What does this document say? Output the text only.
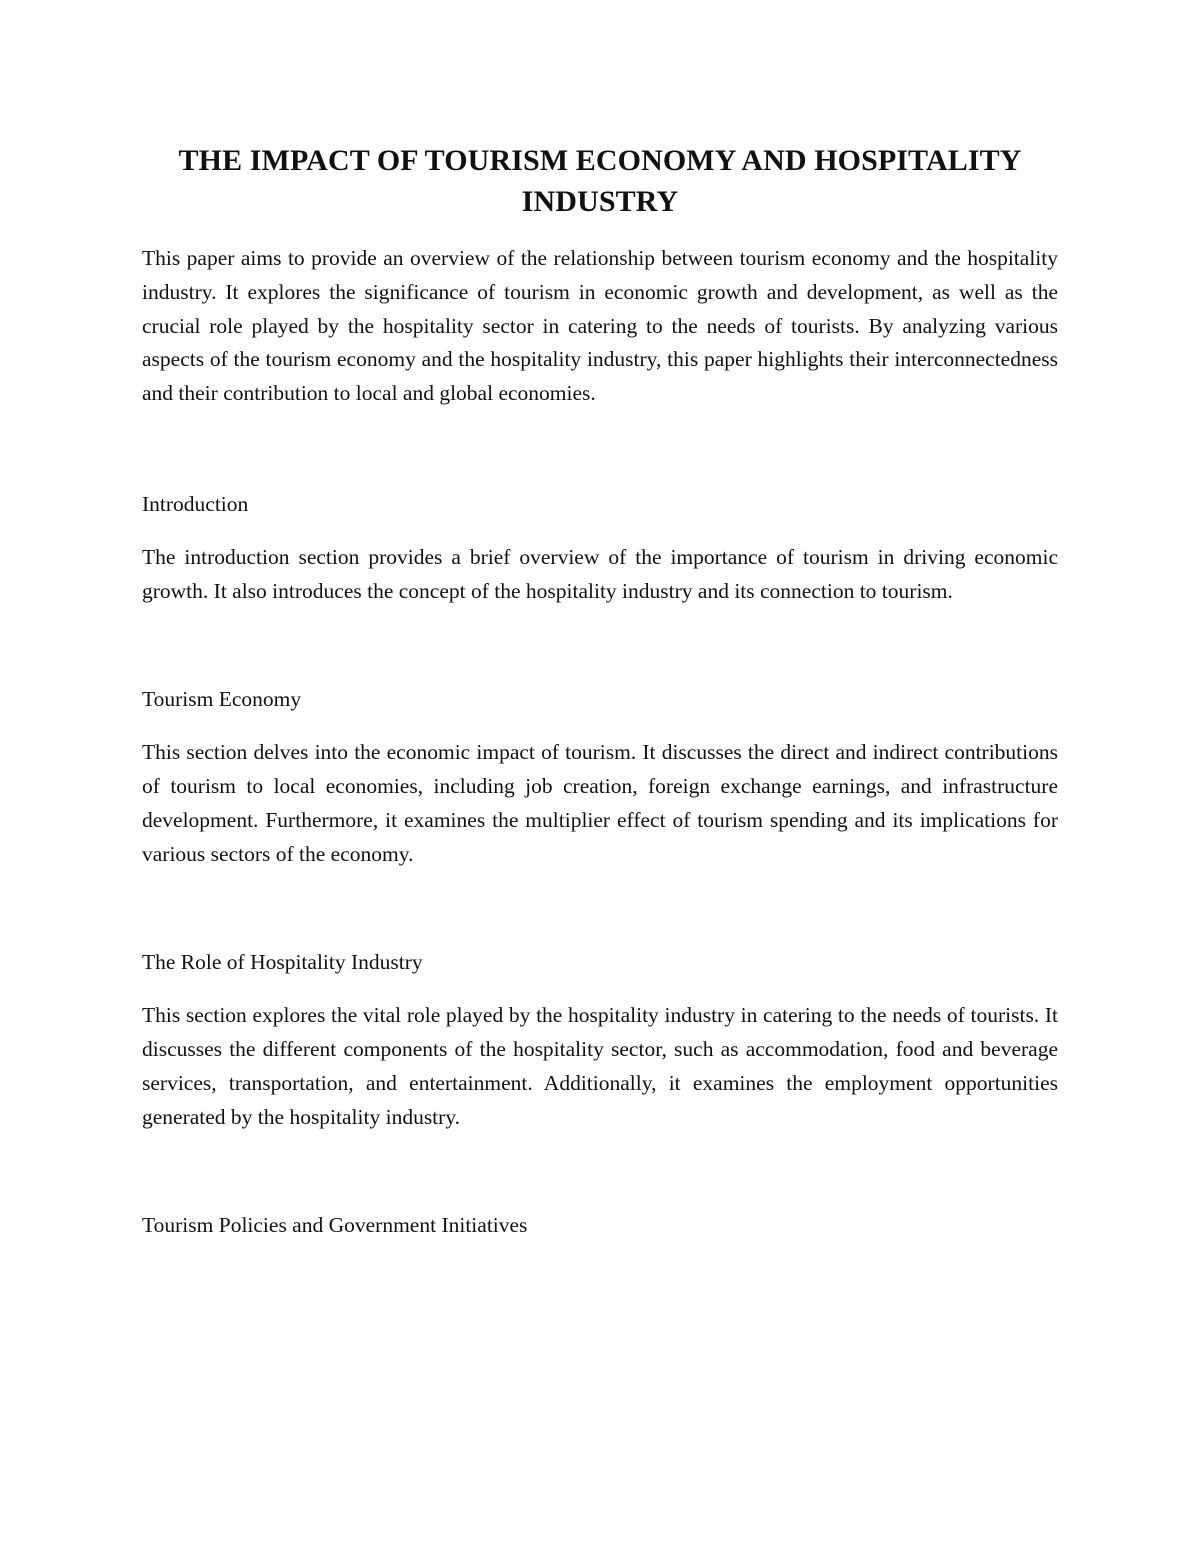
THE IMPACT OF TOURISM ECONOMY AND HOSPITALITY INDUSTRY

This paper aims to provide an overview of the relationship between tourism economy and the hospitality industry. It explores the significance of tourism in economic growth and development, as well as the crucial role played by the hospitality sector in catering to the needs of tourists. By analyzing various aspects of the tourism economy and the hospitality industry, this paper highlights their interconnectedness and their contribution to local and global economies.

Introduction

The introduction section provides a brief overview of the importance of tourism in driving economic growth. It also introduces the concept of the hospitality industry and its connection to tourism.

Tourism Economy

This section delves into the economic impact of tourism. It discusses the direct and indirect contributions of tourism to local economies, including job creation, foreign exchange earnings, and infrastructure development. Furthermore, it examines the multiplier effect of tourism spending and its implications for various sectors of the economy.

The Role of Hospitality Industry

This section explores the vital role played by the hospitality industry in catering to the needs of tourists. It discusses the different components of the hospitality sector, such as accommodation, food and beverage services, transportation, and entertainment. Additionally, it examines the employment opportunities generated by the hospitality industry.

Tourism Policies and Government Initiatives
